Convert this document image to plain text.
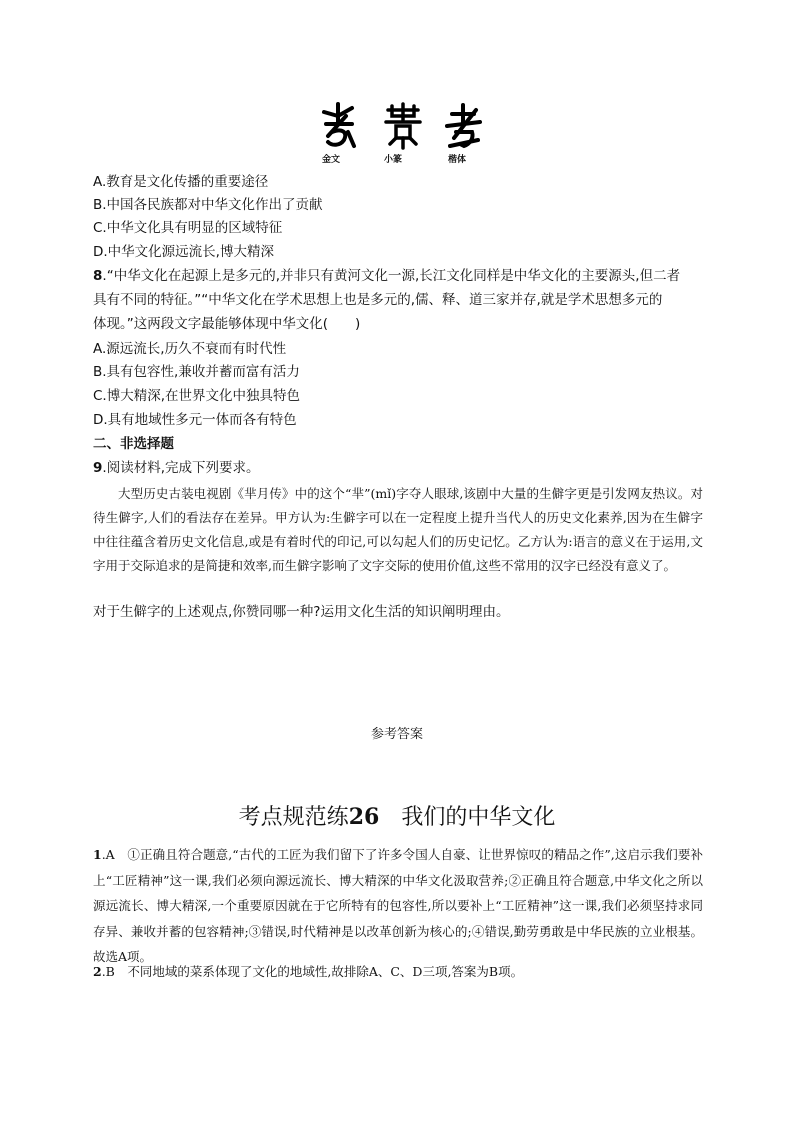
金文	小篆	楷体
A.教育是文化传播的重要途径
B.中国各民族都对中华文化作出了贡献
C.中华文化具有明显的区域特征
D.中华文化源远流长,博大精深
8.“中华文化在起源上是多元的,并非只有黄河文化一源,长江文化同样是中华文化的主要源头,但二者
具有不同的特征。”“中华文化在学术思想上也是多元的,儒、释、道三家并存,就是学术思想多元的
体现。”这两段文字最能够体现中华文化(　　)
A.源远流长,历久不衰而有时代性
B.具有包容性,兼收并蓄而富有活力
C.博大精深,在世界文化中独具特色
D.具有地域性多元一体而各有特色
二、非选择题
9.阅读材料,完成下列要求。
大型历史古装电视剧《芈月传》中的这个“芈”(mǐ)字夺人眼球,该剧中大量的生僻字更是引发网友热议。对待生僻字,人们的看法存在差异。甲方认为:生僻字可以在一定程度上提升当代人的历史文化素养,因为在生僻字中往往蕴含着历史文化信息,或是有着时代的印记,可以勾起人们的历史记忆。乙方认为:语言的意义在于运用,文字用于交际追求的是简捷和效率,而生僻字影响了文字交际的使用价值,这些不常用的汉字已经没有意义了。
对于生僻字的上述观点,你赞同哪一种?运用文化生活的知识阐明理由。
参考答案
考点规范练26 我们的中华文化
1.A　①正确且符合题意,“古代的工匠为我们留下了许多令国人自豪、让世界惊叹的精品之作”,这启示我们要补上“工匠精神”这一课,我们必须向源远流长、博大精深的中华文化汲取营养;②正确且符合题意,中华文化之所以源远流长、博大精深,一个重要原因就在于它所特有的包容性,所以要补上“工匠精神”这一课,我们必须坚持求同存异、兼收并蓄的包容精神;③错误,时代精神是以改革创新为核心的;④错误,勤劳勇敢是中华民族的立业根基。故选A项。
2.B　不同地域的菜系体现了文化的地域性,故排除A、C、D三项,答案为B项。
